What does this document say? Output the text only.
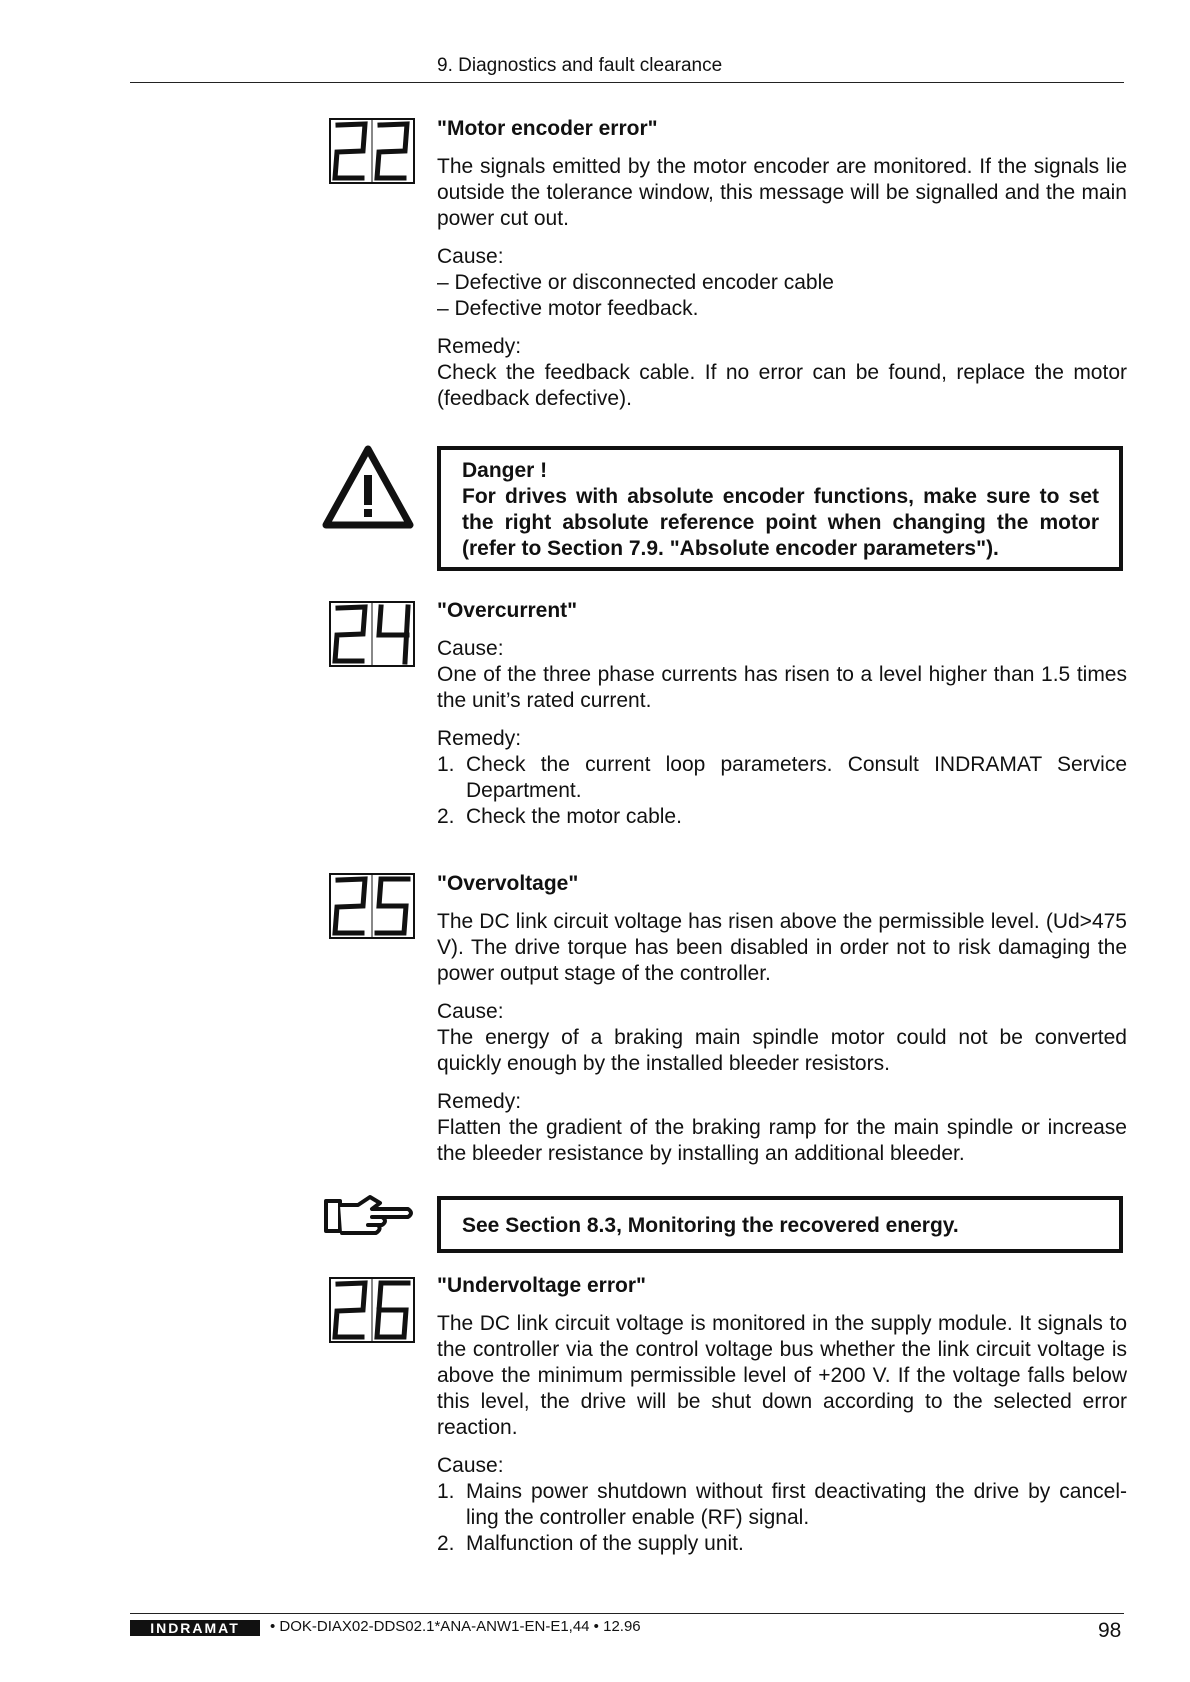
9. Diagnostics and fault clearance

"Motor encoder error"

The signals emitted by the motor encoder are monitored. If the signals lie outside the tolerance window, this message will be signalled and the main power cut out.

Cause:
– Defective or disconnected encoder cable
– Defective motor feedback.

Remedy:
Check the feedback cable. If no error can be found, replace the motor (feedback defective).

Danger !

For drives with absolute encoder functions, make sure to set the right absolute reference point when changing the motor (refer to Section 7.9. "Absolute encoder parameters").

"Overcurrent"

Cause:
One of the three phase currents has risen to a level higher than 1.5 times the unit’s rated current.

Remedy:

1. Check the current loop parameters. Consult INDRAMAT Service Department.
2. Check the motor cable.

"Overvoltage"

The DC link circuit voltage has risen above the permissible level. (Ud>475 V). The drive torque has been disabled in order not to risk damaging the power output stage of the controller.

Cause:
The energy of a braking main spindle motor could not be converted quickly enough by the installed bleeder resistors.

Remedy:
Flatten the gradient of the braking ramp for the main spindle or increase the bleeder resistance by installing an additional bleeder.

See Section 8.3, Monitoring the recovered energy.

"Undervoltage error"

The DC link circuit voltage is monitored in the supply module. It signals to the controller via the control voltage bus whether the link circuit voltage is above the minimum permissible level of +200 V. If the voltage falls below this level, the drive will be shut down according to the selected error reaction.

Cause:

1. Mains power shutdown without first deactivating the drive by cancel-ling the controller enable (RF) signal.
2. Malfunction of the supply unit.
INDRAMAT • DOK-DIAX02-DDS02.1*ANA-ANW1-EN-E1,44 • 12.96	98
